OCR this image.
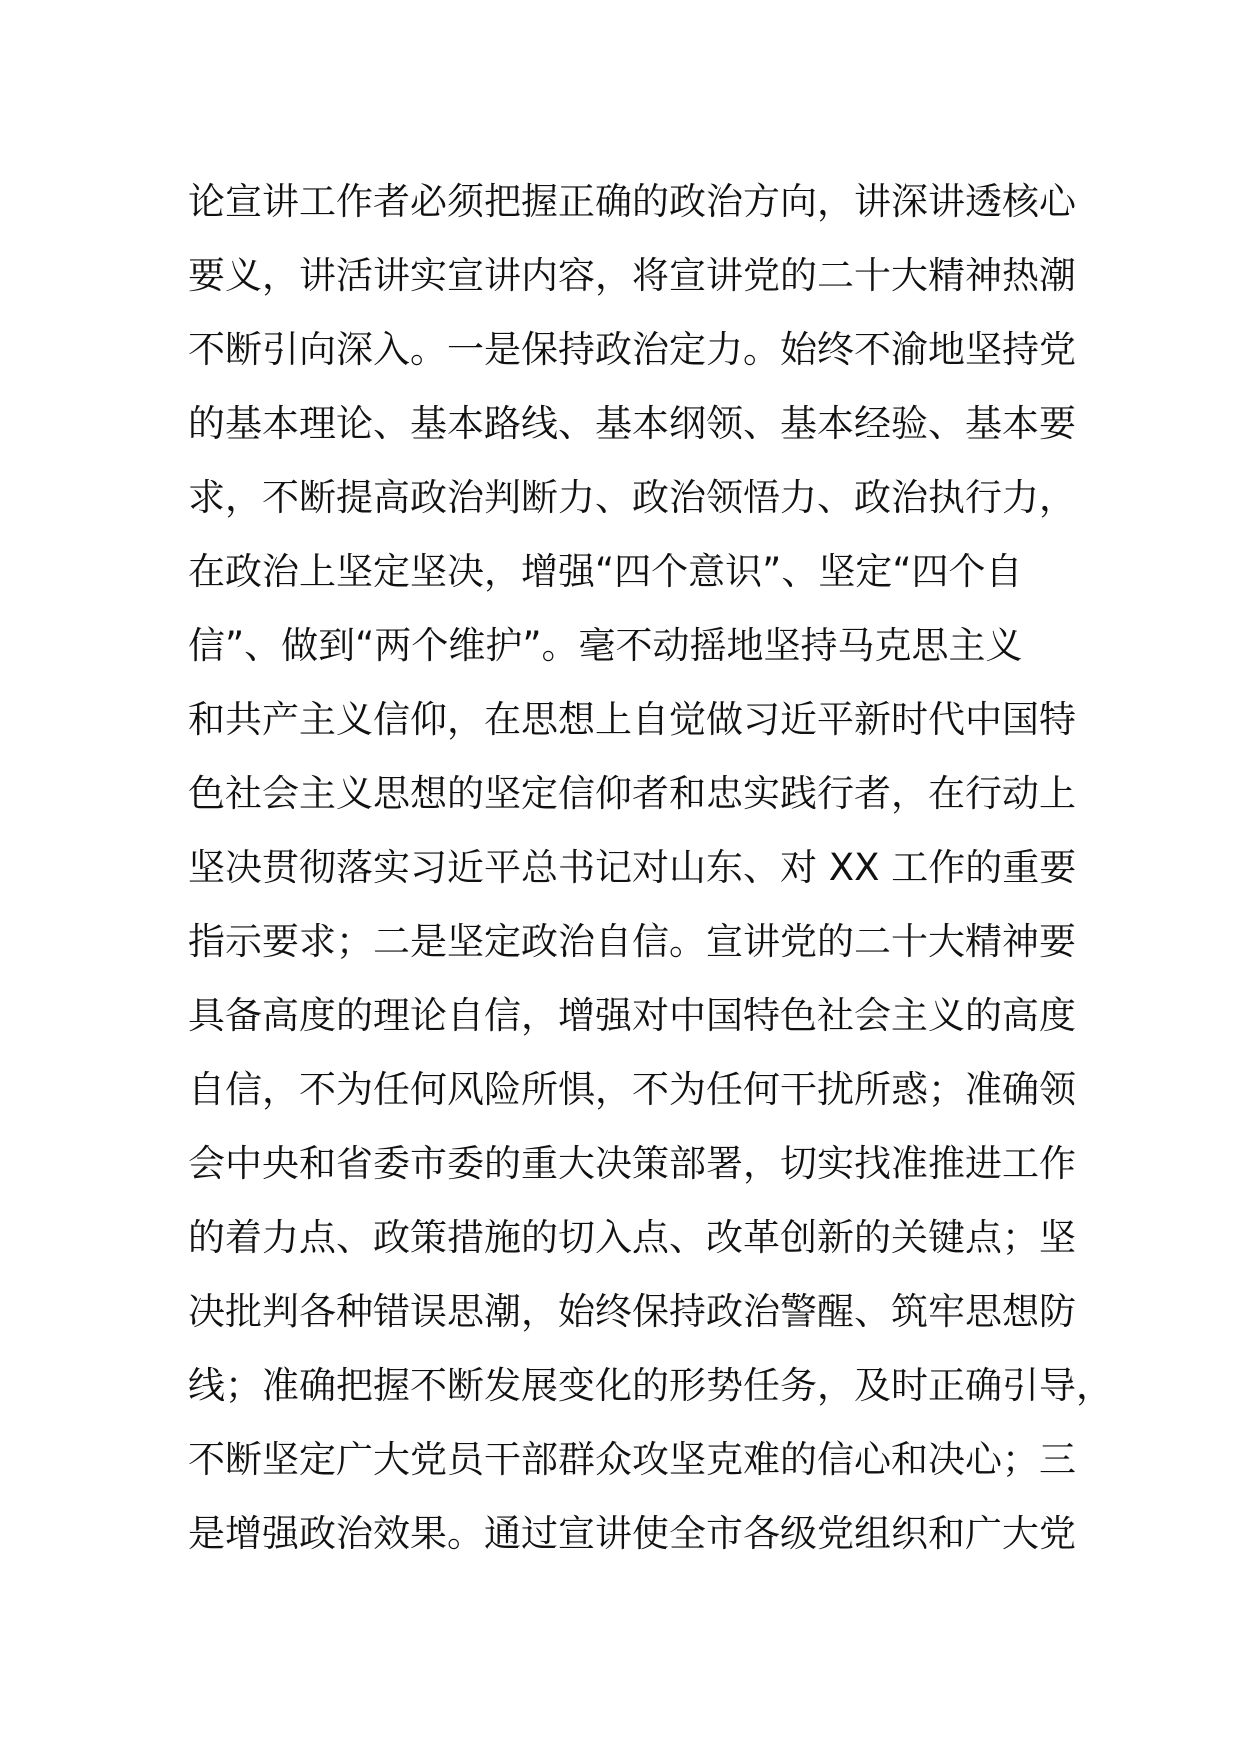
论宣讲工作者必须把握正确的政治方向，讲深讲透核心
要义，讲活讲实宣讲内容，将宣讲党的二十大精神热潮
不断引向深入。一是保持政治定力。始终不渝地坚持党
的基本理论、基本路线、基本纲领、基本经验、基本要
求，不断提高政治判断力、政治领悟力、政治执行力，
在政治上坚定坚决，增强“四个意识”、坚定“四个自
信”、做到“两个维护”。毫不动摇地坚持马克思主义
和共产主义信仰，在思想上自觉做习近平新时代中国特
色社会主义思想的坚定信仰者和忠实践行者，在行动上
坚决贯彻落实习近平总书记对山东、对 XX 工作的重要
指示要求；二是坚定政治自信。宣讲党的二十大精神要
具备高度的理论自信，增强对中国特色社会主义的高度
自信，不为任何风险所惧，不为任何干扰所惑；准确领
会中央和省委市委的重大决策部署，切实找准推进工作
的着力点、政策措施的切入点、改革创新的关键点；坚
决批判各种错误思潮，始终保持政治警醒、筑牢思想防
线；准确把握不断发展变化的形势任务，及时正确引导，
不断坚定广大党员干部群众攻坚克难的信心和决心；三
是增强政治效果。通过宣讲使全市各级党组织和广大党
